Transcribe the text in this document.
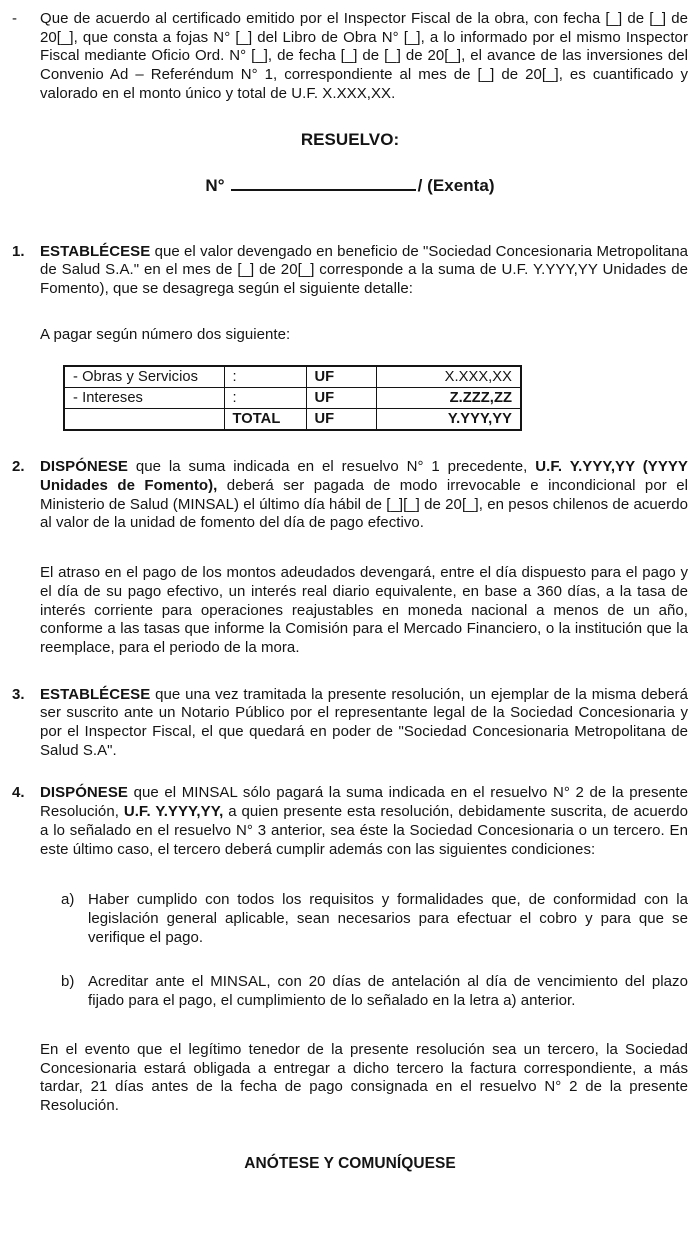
-	Que de acuerdo al certificado emitido por el Inspector Fiscal de la obra, con fecha [_] de [_] de 20[_], que consta a fojas N° [_] del Libro de Obra N° [_], a lo informado por el mismo Inspector Fiscal mediante Oficio Ord. N° [_], de fecha [_] de [_] de 20[_], el avance de las inversiones del Convenio Ad – Referéndum N° 1, correspondiente al mes de [_] de 20[_], es cuantificado y valorado en el monto único y total de U.F. X.XXX,XX.
RESUELVO:
N°	/ (Exenta)
1.	ESTABLÉCESE que el valor devengado en beneficio de "Sociedad Concesionaria Metropolitana de Salud S.A." en el mes de [_] de 20[_] corresponde a la suma de U.F. Y.YYY,YY Unidades de Fomento), que se desagrega según el siguiente detalle:
A pagar según número dos siguiente:
- Obras y Servicios	:	UF	X.XXX,XX
- Intereses	:	UF	Z.ZZZ,ZZ
	TOTAL	UF	Y.YYY,YY
2.	DISPÓNESE que la suma indicada en el resuelvo N° 1 precedente, U.F. Y.YYY,YY (YYYY Unidades de Fomento), deberá ser pagada de modo irrevocable e incondicional por el Ministerio de Salud (MINSAL) el último día hábil de [_][_] de 20[_], en pesos chilenos de acuerdo al valor de la unidad de fomento del día de pago efectivo.
El atraso en el pago de los montos adeudados devengará, entre el día dispuesto para el pago y el día de su pago efectivo, un interés real diario equivalente, en base a 360 días, a la tasa de interés corriente para operaciones reajustables en moneda nacional a menos de un año, conforme a las tasas que informe la Comisión para el Mercado Financiero, o la institución que la reemplace, para el periodo de la mora.
3.	ESTABLÉCESE que una vez tramitada la presente resolución, un ejemplar de la misma deberá ser suscrito ante un Notario Público por el representante legal de la Sociedad Concesionaria y por el Inspector Fiscal, el que quedará en poder de "Sociedad Concesionaria Metropolitana de Salud S.A".
4.	DISPÓNESE que el MINSAL sólo pagará la suma indicada en el resuelvo N° 2 de la presente Resolución, U.F. Y.YYY,YY, a quien presente esta resolución, debidamente suscrita, de acuerdo a lo señalado en el resuelvo N° 3 anterior, sea éste la Sociedad Concesionaria o un tercero. En este último caso, el tercero deberá cumplir además con las siguientes condiciones:
a) Haber cumplido con todos los requisitos y formalidades que, de conformidad con la legislación general aplicable, sean necesarios para efectuar el cobro y para que se verifique el pago.
b) Acreditar ante el MINSAL, con 20 días de antelación al día de vencimiento del plazo fijado para el pago, el cumplimiento de lo señalado en la letra a) anterior.
En el evento que el legítimo tenedor de la presente resolución sea un tercero, la Sociedad Concesionaria estará obligada a entregar a dicho tercero la factura correspondiente, a más tardar, 21 días antes de la fecha de pago consignada en el resuelvo N° 2 de la presente Resolución.
ANÓTESE Y COMUNÍQUESE
